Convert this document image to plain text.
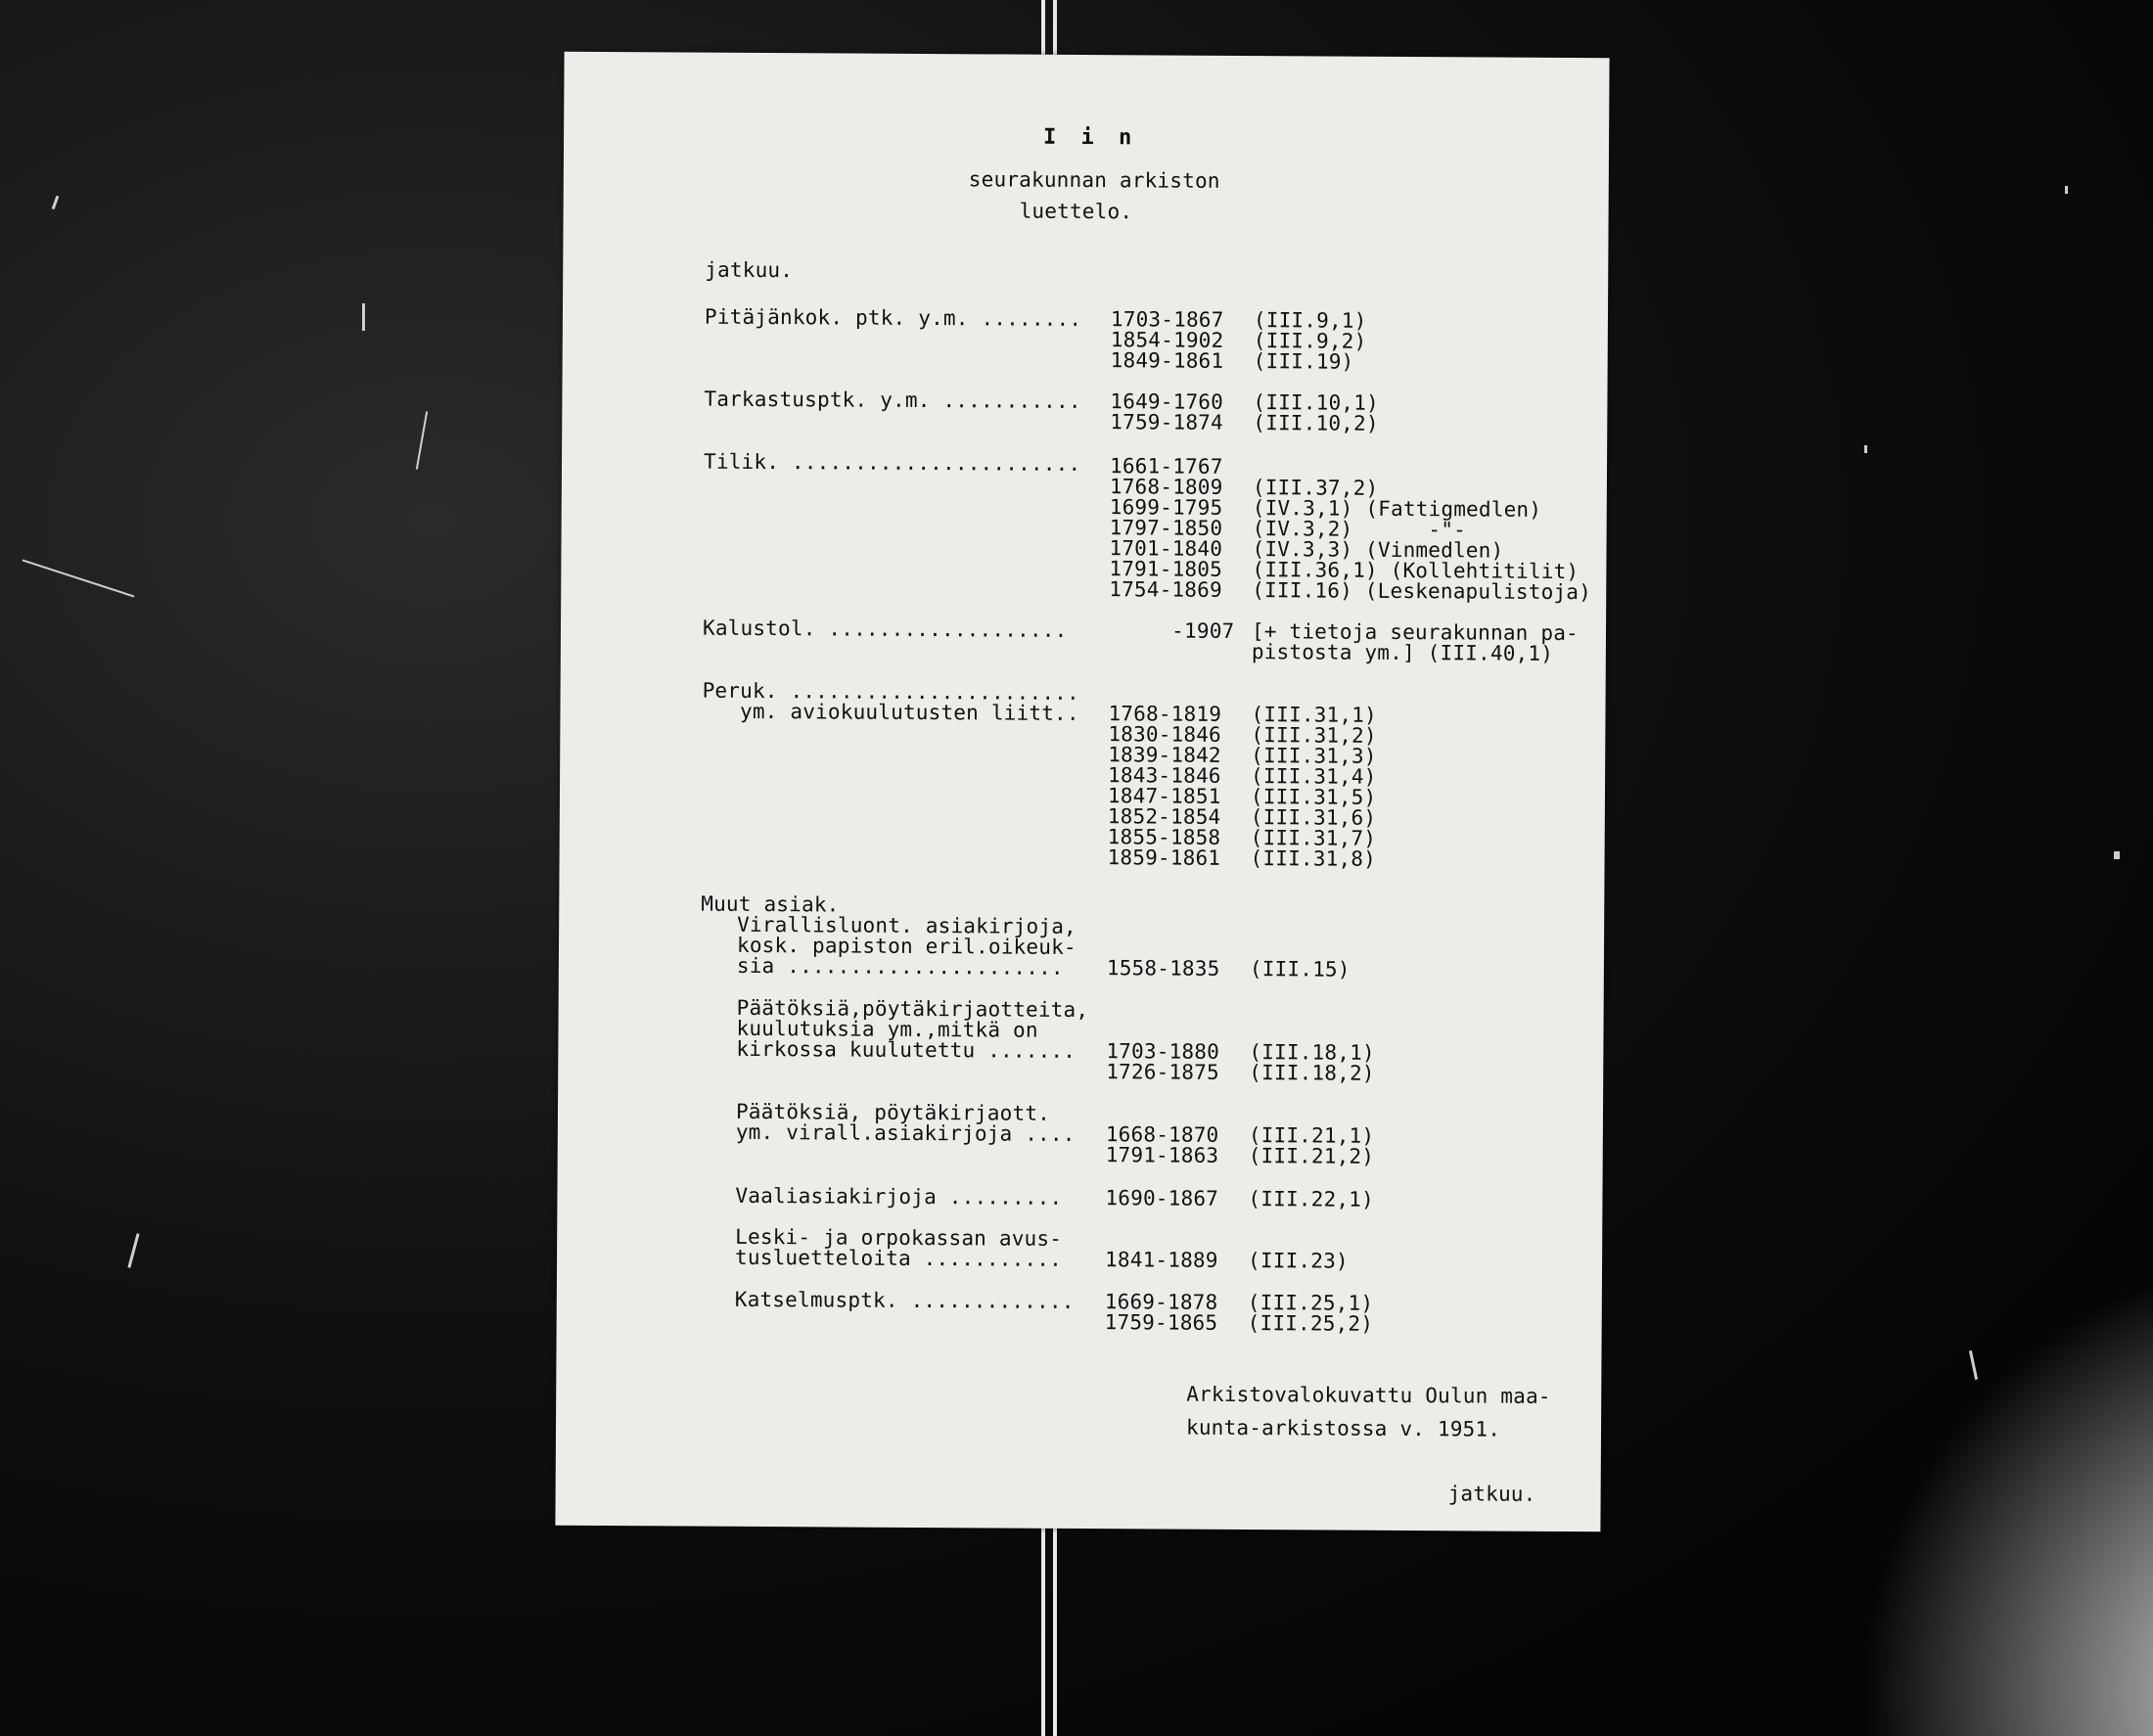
I i n
seurakunnan arkiston
luettelo.
jatkuu.
Pitäjänkok. ptk. y.m. ........ 1703-1867
1854-1902
1849-1861
(III.9,1)
(III.9,2)
(III.19)
Tarkastusptk. y.m. ........... 1649-1760
1759-1874
(III.10,1)
(III.10,2)
Tilik. ....................... 1661-1767
1768-1809
1699-1795
1797-1850
1701-1840
1791-1805
1754-1869
(III.37,2)
(IV.3,1) (Fattigmedlen)
(IV.3,2)      -"-
(IV.3,3) (Vinmedlen)
(III.36,1) (Kollehtitilit)
(III.16) (Leskenapulistoja)
Kalustol. ................... -1907 [+ tietoja seurakunnan pa-
pistosta ym.] (III.40,1)
Peruk. .......................
ym. aviokuulutusten liitt.. 1768-1819
1830-1846
1839-1842
1843-1846
1847-1851
1852-1854
1855-1858
1859-1861
(III.31,1)
(III.31,2)
(III.31,3)
(III.31,4)
(III.31,5)
(III.31,6)
(III.31,7)
(III.31,8)
Muut asiak.
Virallisluont. asiakirjoja,
kosk. papiston eril.oikeuk-
sia ...................... 1558-1835 (III.15)
Päätöksiä,pöytäkirjaotteita,
kuulutuksia ym.,mitkä on
kirkossa kuulutettu ....... 1703-1880
1726-1875
(III.18,1)
(III.18,2)
Päätöksiä, pöytäkirjaott.
ym. virall.asiakirjoja .... 1668-1870
1791-1863
(III.21,1)
(III.21,2)
Vaaliasiakirjoja ......... 1690-1867 (III.22,1)
Leski- ja orpokassan avus-
tusluetteloita ........... 1841-1889 (III.23)
Katselmusptk. ............. 1669-1878
1759-1865
(III.25,1)
(III.25,2)
Arkistovalokuvattu Oulun maa-
kunta-arkistossa v. 1951.
jatkuu.
